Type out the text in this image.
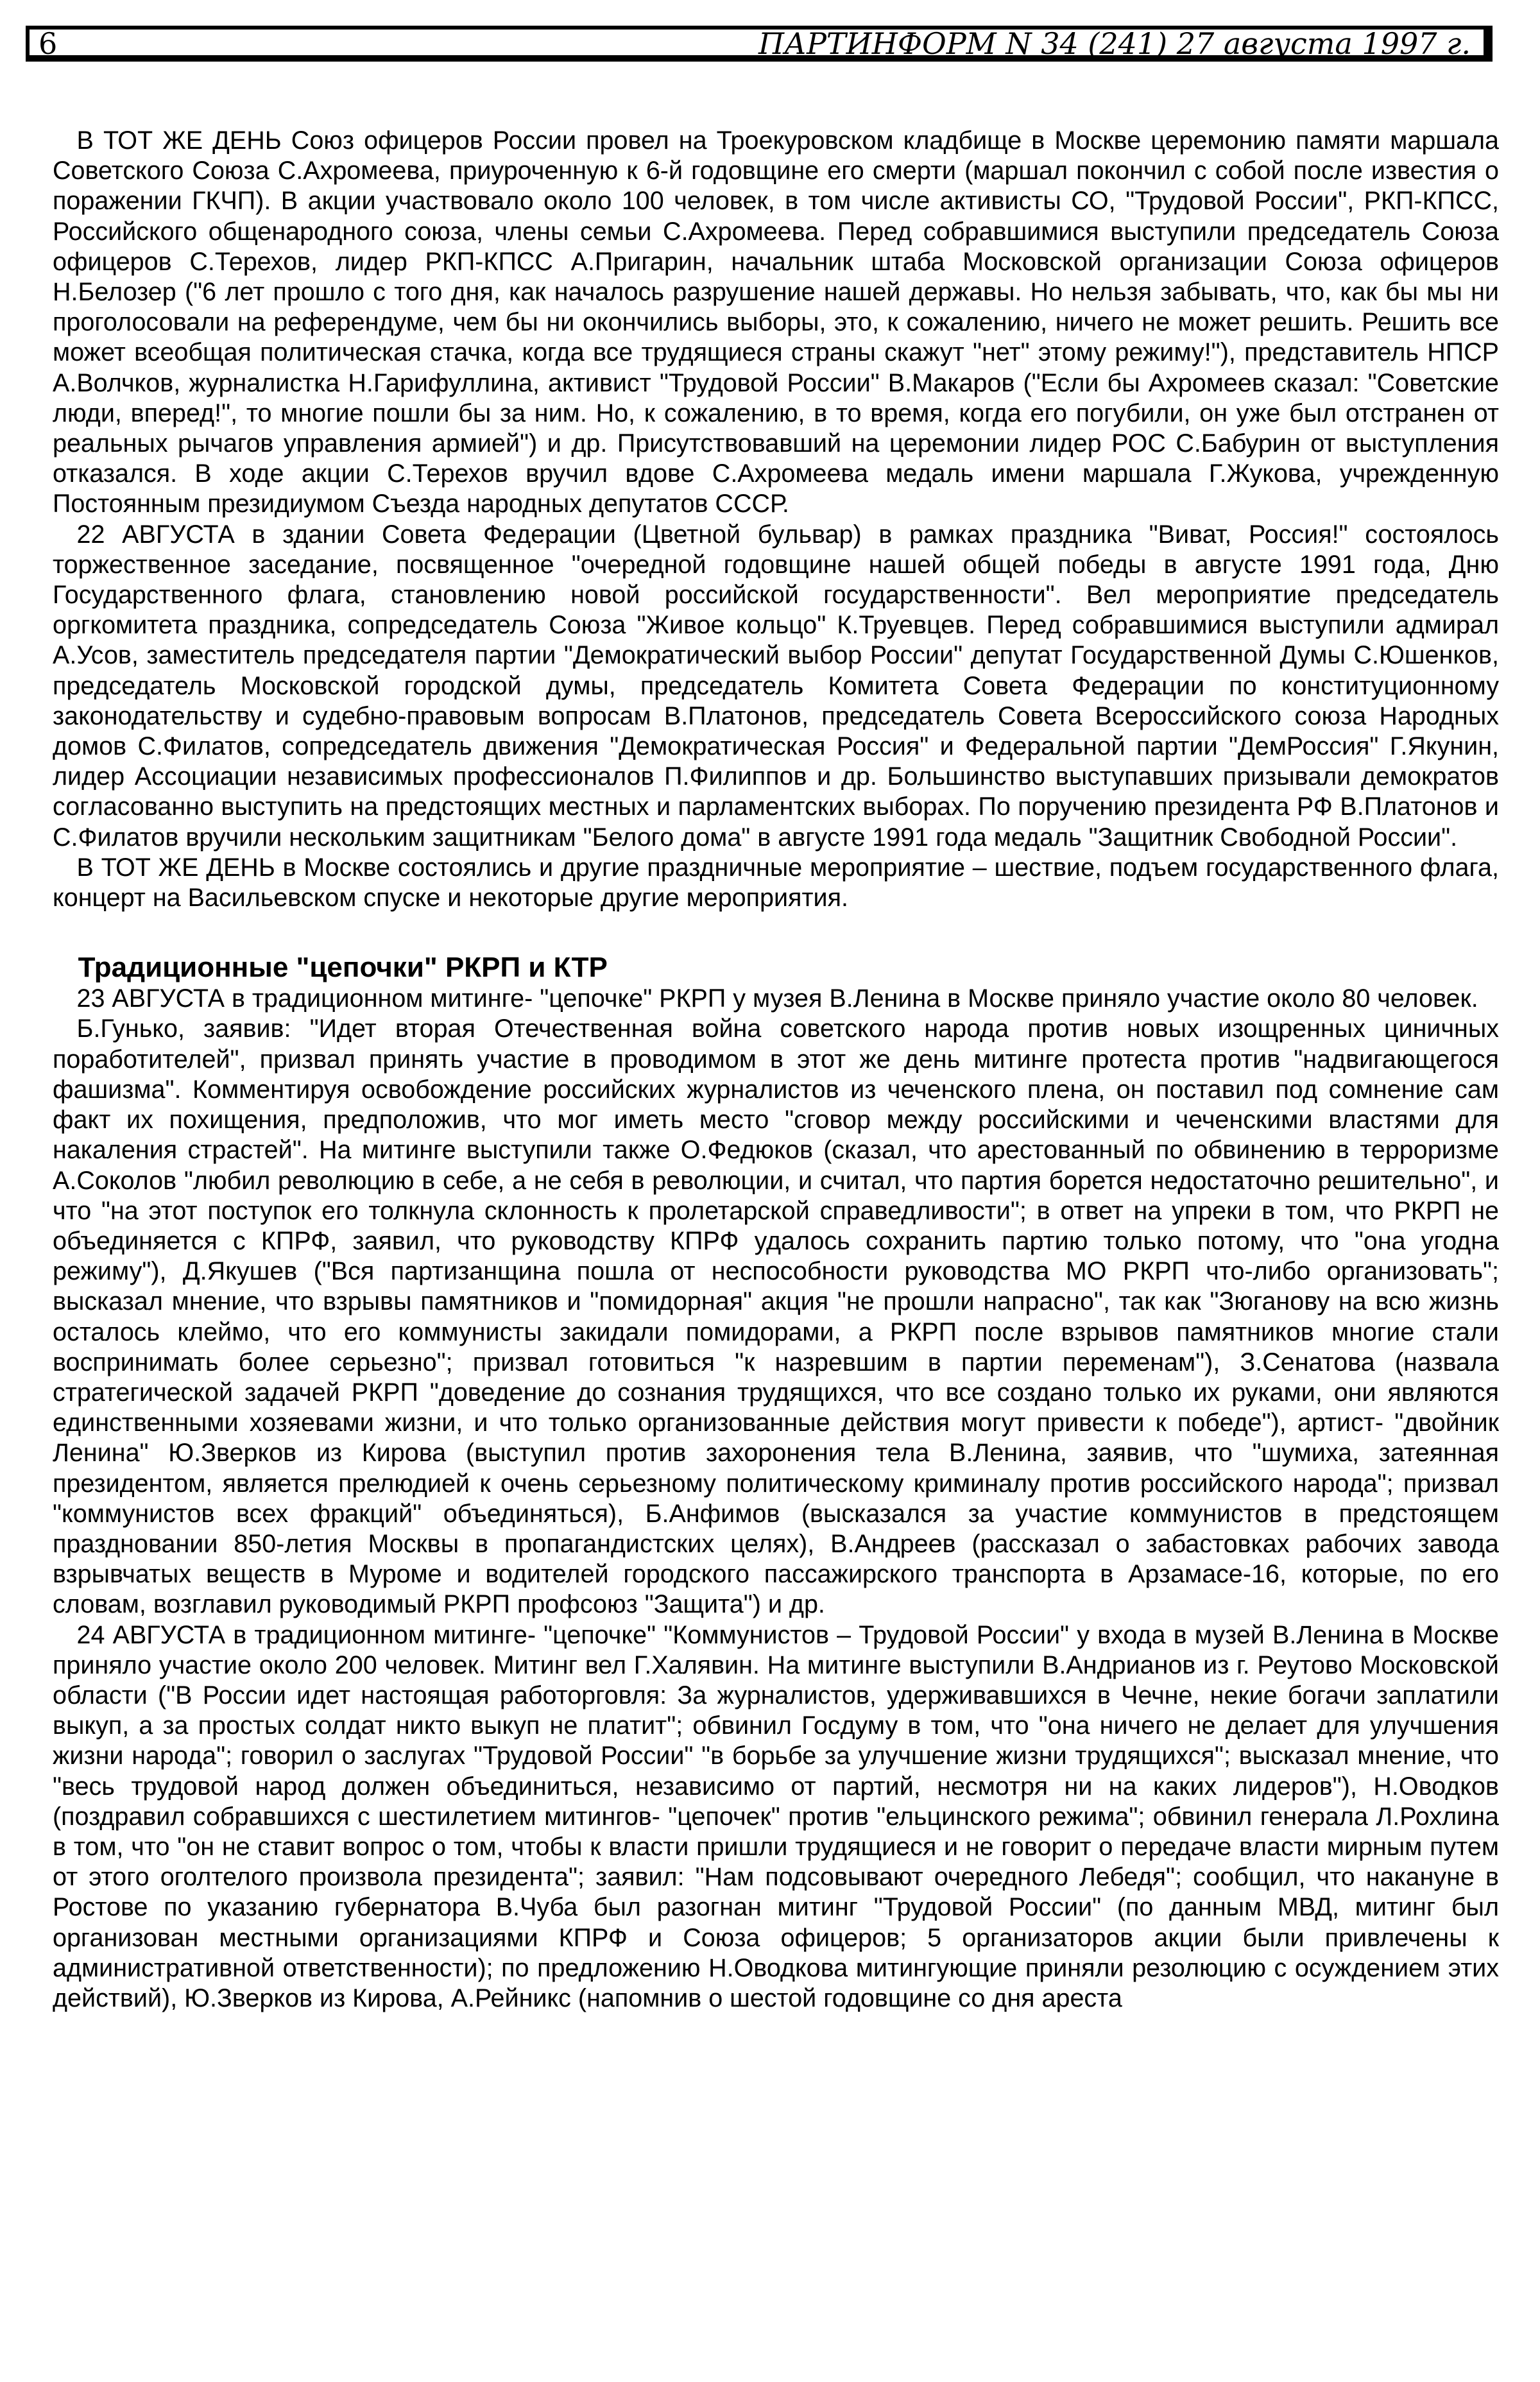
6	ПАРТИНФОРМ N 34 (241) 27 августа 1997 г.

В ТОТ ЖЕ ДЕНЬ Союз офицеров России провел на Троекуровском кладбище в Москве церемонию памяти маршала Советского Союза С.Ахромеева, приуроченную к 6-й годовщине его смерти (маршал покончил с собой после известия о поражении ГКЧП). В акции участвовало около 100 человек, в том числе активисты СО, "Трудовой России", РКП-КПСС, Российского общенародного союза, члены семьи С.Ахромеева. Перед собравшимися выступили председатель Союза офицеров С.Терехов, лидер РКП-КПСС А.Пригарин, начальник штаба Московской организации Союза офицеров Н.Белозер ("6 лет прошло с того дня, как началось разрушение нашей державы. Но нельзя забывать, что, как бы мы ни проголосовали на референдуме, чем бы ни окончились выборы, это, к сожалению, ничего не может решить. Решить все может всеобщая политическая стачка, когда все трудящиеся страны скажут "нет" этому режиму!"), представитель НПСР А.Волчков, журналистка Н.Гарифуллина, активист "Трудовой России" В.Макаров ("Если бы Ахромеев сказал: "Советские люди, вперед!", то многие пошли бы за ним. Но, к сожалению, в то время, когда его погубили, он уже был отстранен от реальных рычагов управления армией") и др. Присутствовавший на церемонии лидер РОС С.Бабурин от выступления отказался. В ходе акции С.Терехов вручил вдове С.Ахромеева медаль имени маршала Г.Жукова, учрежденную Постоянным президиумом Съезда народных депутатов СССР.

22 АВГУСТА в здании Совета Федерации (Цветной бульвар) в рамках праздника "Виват, Россия!" состоялось торжественное заседание, посвященное "очередной годовщине нашей общей победы в августе 1991 года, Дню Государственного флага, становлению новой российской государственности". Вел мероприятие председатель оргкомитета праздника, сопредседатель Союза "Живое кольцо" К.Труевцев. Перед собравшимися выступили адмирал А.Усов, заместитель председателя партии "Демократический выбор России" депутат Государственной Думы С.Юшенков, председатель Московской городской думы, председатель Комитета Совета Федерации по конституционному законодательству и судебно-правовым вопросам В.Платонов, председатель Совета Всероссийского союза Народных домов С.Филатов, сопредседатель движения "Демократическая Россия" и Федеральной партии "ДемРоссия" Г.Якунин, лидер Ассоциации независимых профессионалов П.Филиппов и др. Большинство выступавших призывали демократов согласованно выступить на предстоящих местных и парламентских выборах. По поручению президента РФ В.Платонов и С.Филатов вручили нескольким защитникам "Белого дома" в августе 1991 года медаль "Защитник Свободной России".

В ТОТ ЖЕ ДЕНЬ в Москве состоялись и другие праздничные мероприятие – шествие, подъем государственного флага, концерт на Васильевском спуске и некоторые другие мероприятия.

Традиционные "цепочки" РКРП и КТР

23 АВГУСТА в традиционном митинге- "цепочке" РКРП у музея В.Ленина в Москве приняло участие около 80 человек.

Б.Гунько, заявив: "Идет вторая Отечественная война советского народа против новых изощренных циничных поработителей", призвал принять участие в проводимом в этот же день митинге протеста против "надвигающегося фашизма". Комментируя освобождение российских журналистов из чеченского плена, он поставил под сомнение сам факт их похищения, предположив, что мог иметь место "сговор между российскими и чеченскими властями для накаления страстей". На митинге выступили также О.Федюков (сказал, что арестованный по обвинению в терроризме А.Соколов "любил революцию в себе, а не себя в революции, и считал, что партия борется недостаточно решительно", и что "на этот поступок его толкнула склонность к пролетарской справедливости"; в ответ на упреки в том, что РКРП не объединяется с КПРФ, заявил, что руководству КПРФ удалось сохранить партию только потому, что "она угодна режиму"), Д.Якушев ("Вся партизанщина пошла от неспособности руководства МО РКРП что-либо организовать"; высказал мнение, что взрывы памятников и "помидорная" акция "не прошли напрасно", так как "Зюганову на всю жизнь осталось клеймо, что его коммунисты закидали помидорами, а РКРП после взрывов памятников многие стали воспринимать более серьезно"; призвал готовиться "к назревшим в партии переменам"), З.Сенатова (назвала стратегической задачей РКРП "доведение до сознания трудящихся, что все создано только их руками, они являются единственными хозяевами жизни, и что только организованные действия могут привести к победе"), артист- "двойник Ленина" Ю.Зверков из Кирова (выступил против захоронения тела В.Ленина, заявив, что "шумиха, затеянная президентом, является прелюдией к очень серьезному политическому криминалу против российского народа"; призвал "коммунистов всех фракций" объединяться), Б.Анфимов (высказался за участие коммунистов в предстоящем праздновании 850-летия Москвы в пропагандистских целях), В.Андреев (рассказал о забастовках рабочих завода взрывчатых веществ в Муроме и водителей городского пассажирского транспорта в Арзамасе-16, которые, по его словам, возглавил руководимый РКРП профсоюз "Защита") и др.

24 АВГУСТА в традиционном митинге- "цепочке" "Коммунистов – Трудовой России" у входа в музей В.Ленина в Москве приняло участие около 200 человек. Митинг вел Г.Халявин. На митинге выступили В.Андрианов из г. Реутово Московской области ("В России идет настоящая работорговля: За журналистов, удерживавшихся в Чечне, некие богачи заплатили выкуп, а за простых солдат никто выкуп не платит"; обвинил Госдуму в том, что "она ничего не делает для улучшения жизни народа"; говорил о заслугах "Трудовой России" "в борьбе за улучшение жизни трудящихся"; высказал мнение, что "весь трудовой народ должен объединиться, независимо от партий, несмотря ни на каких лидеров"), Н.Оводков (поздравил собравшихся с шестилетием митингов- "цепочек" против "ельцинского режима"; обвинил генерала Л.Рохлина в том, что "он не ставит вопрос о том, чтобы к власти пришли трудящиеся и не говорит о передаче власти мирным путем от этого оголтелого произвола президента"; заявил: "Нам подсовывают очередного Лебедя"; сообщил, что накануне в Ростове по указанию губернатора В.Чуба был разогнан митинг "Трудовой России" (по данным МВД, митинг был организован местными организациями КПРФ и Союза офицеров; 5 организаторов акции были привлечены к административной ответственности); по предложению Н.Оводкова митингующие приняли резолюцию с осуждением этих действий), Ю.Зверков из Кирова, А.Рейникс (напомнив о шестой годовщине со дня ареста
